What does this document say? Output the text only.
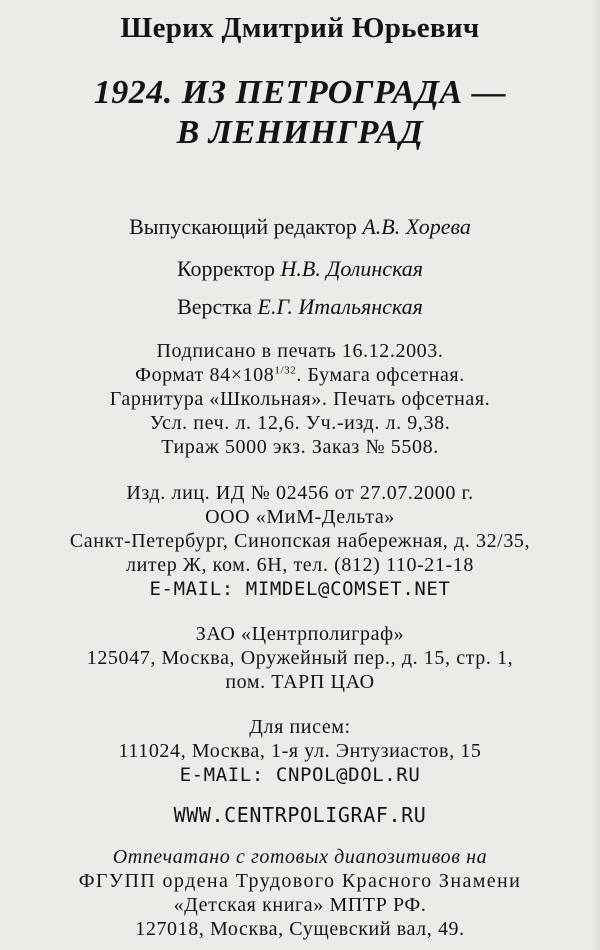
Шерих Дмитрий Юрьевич
1924. ИЗ ПЕТРОГРАДА —
В ЛЕНИНГРАД
Выпускающий редактор А.В. Хорева
Корректор Н.В. Долинская
Верстка Е.Г. Итальянская
Подписано в печать 16.12.2003.
Формат $84\times 108^{1/32}$. Бумага офсетная.
Гарнитура «Школьная». Печать офсетная.
Усл. печ. л. 12,6. Уч.-изд. л. 9,38.
Тираж 5000 экз. Заказ № 5508.
Изд. лиц. ИД № 02456 от 27.07.2000 г.
ООО «МиМ-Дельта»
Санкт-Петербург, Синопская набережная, д. 32/35,
литер Ж, ком. 6Н, тел. (812) 110-21-18
E-MAIL: MIMDEL@COMSET.NET
ЗАО «Центрполиграф»
125047, Москва, Оружейный пер., д. 15, стр. 1,
пом. ТАРП ЦАО
Для писем:
111024, Москва, 1-я ул. Энтузиастов, 15
E-MAIL: CNPOL@DOL.RU
WWW.CENTRPOLIGRAF.RU
Отпечатано с готовых диапозитивов на
ФГУПП ордена Трудового Красного Знамени
«Детская книга» МПТР РФ.
127018, Москва, Сущевский вал, 49.
